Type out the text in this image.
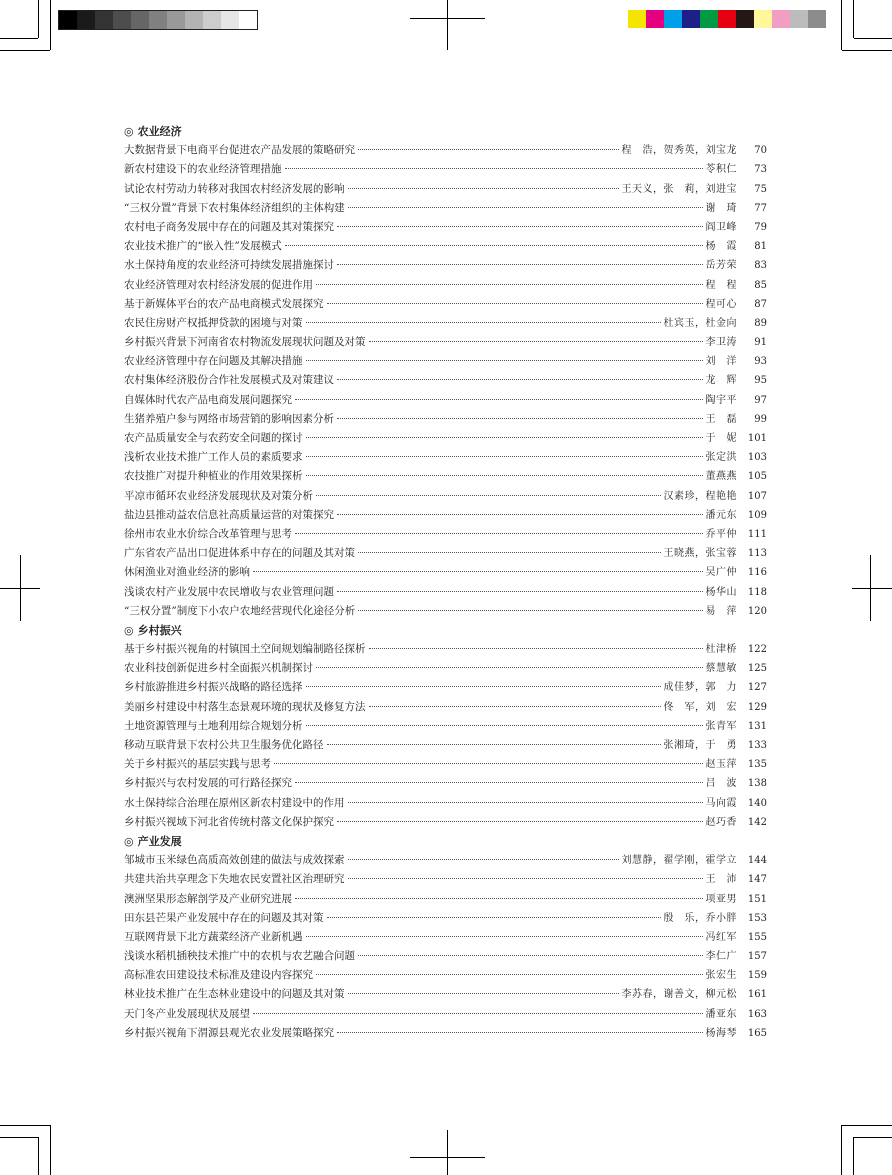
◎ 农业经济
大数据背景下电商平台促进农产品发展的策略研究	程　浩，贺秀英，刘宝龙	70
新农村建设下的农业经济管理措施	苓积仁	73
试论农村劳动力转移对我国农村经济发展的影响	王天义，张　莉，刘进宝	75
“三权分置”背景下农村集体经济组织的主体构建	谢　琦	77
农村电子商务发展中存在的问题及其对策探究	阎卫峰	79
农业技术推广的“嵌入性”发展模式	杨　霞	81
水土保持角度的农业经济可持续发展措施探讨	岳芳荣	83
农业经济管理对农村经济发展的促进作用	程　程	85
基于新媒体平台的农产品电商模式发展探究	程可心	87
农民住房财产权抵押贷款的困境与对策	杜宾玉，杜金向	89
乡村振兴背景下河南省农村物流发展现状问题及对策	李卫涛	91
农业经济管理中存在问题及其解决措施	刘　洋	93
农村集体经济股份合作社发展模式及对策建议	龙　辉	95
自媒体时代农产品电商发展问题探究	陶宇平	97
生猪养殖户参与网络市场营销的影响因素分析	王　磊	99
农产品质量安全与农药安全问题的探讨	于　妮	101
浅析农业技术推广工作人员的素质要求	张定洪	103
农技推广对提升种植业的作用效果探析	董燕燕	105
平凉市循环农业经济发展现状及对策分析	汉素珍，程艳艳	107
盐边县推动益农信息社高质量运营的对策探究	潘元东	109
徐州市农业水价综合改革管理与思考	乔平仲	111
广东省农产品出口促进体系中存在的问题及其对策	王晓燕，张宝蓉	113
休闲渔业对渔业经济的影响	吴广仲	116
浅谈农村产业发展中农民增收与农业管理问题	杨华山	118
“三权分置”制度下小农户农地经营现代化途径分析	易　萍	120
◎ 乡村振兴
基于乡村振兴视角的村镇国土空间规划编制路径探析	杜津桥	122
农业科技创新促进乡村全面振兴机制探讨	蔡慧敏	125
乡村旅游推进乡村振兴战略的路径选择	成佳梦，郭　力	127
美丽乡村建设中村落生态景观环境的现状及修复方法	佟　军，刘　宏	129
土地资源管理与土地利用综合规划分析	张青军	131
移动互联背景下农村公共卫生服务优化路径	张湘琦，于　勇	133
关于乡村振兴的基层实践与思考	赵玉萍	135
乡村振兴与农村发展的可行路径探究	吕　波	138
水土保持综合治理在原州区新农村建设中的作用	马向霞	140
乡村振兴视域下河北省传统村落文化保护探究	赵巧香	142
◎ 产业发展
邹城市玉米绿色高质高效创建的做法与成效探索	刘慧静，翟学刚，霍学立	144
共建共治共享理念下失地农民安置社区治理研究	王　沛	147
澳洲坚果形态解剖学及产业研究进展	项亚男	151
田东县芒果产业发展中存在的问题及其对策	殷　乐，乔小胖	153
互联网背景下北方蔬菜经济产业新机遇	冯红军	155
浅谈水稻机插秧技术推广中的农机与农艺融合问题	李仁广	157
高标准农田建设技术标准及建设内容探究	张宏生	159
林业技术推广在生态林业建设中的问题及其对策	李苏春，谢善文，柳元松	161
天门冬产业发展现状及展望	潘亚东	163
乡村振兴视角下渭源县观光农业发展策略探究	杨海琴	165
